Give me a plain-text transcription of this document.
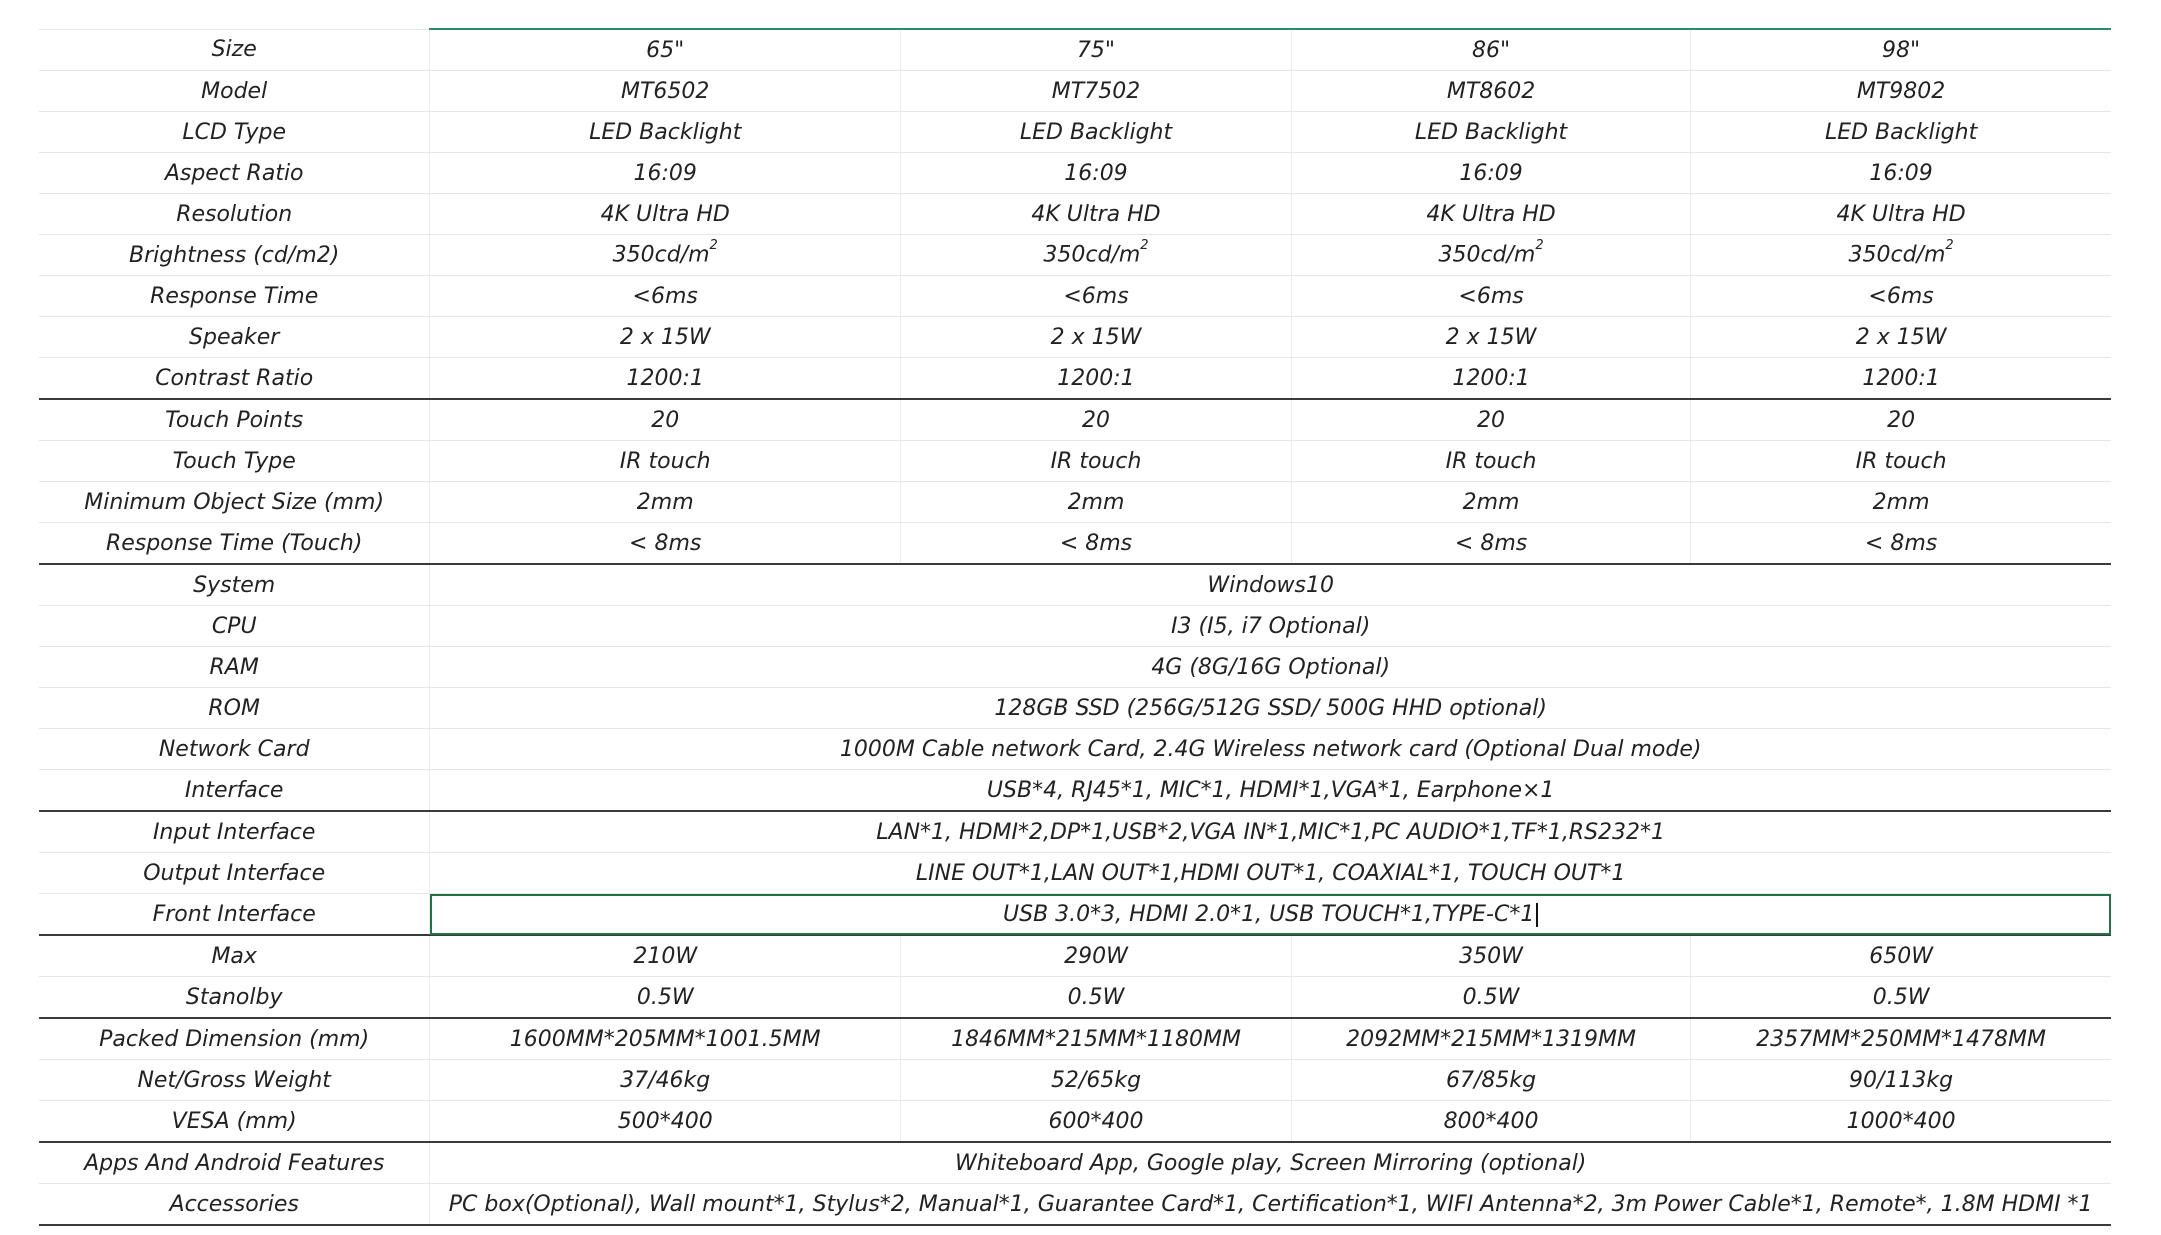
Size	65"	75"	86"	98"
Model	MT6502	MT7502	MT8602	MT9802
LCD Type	LED Backlight	LED Backlight	LED Backlight	LED Backlight
Aspect Ratio	16:09	16:09	16:09	16:09
Resolution	4K Ultra HD	4K Ultra HD	4K Ultra HD	4K Ultra HD
Brightness (cd/m2)	$350cd/m^2$	$350cd/m^2$	$350cd/m^2$	$350cd/m^2$
Response Time	<6ms	<6ms	<6ms	<6ms
Speaker	2 x 15W	2 x 15W	2 x 15W	2 x 15W
Contrast Ratio	1200:1	1200:1	1200:1	1200:1
Touch Points	20	20	20	20
Touch Type	IR touch	IR touch	IR touch	IR touch
Minimum Object Size (mm)	2mm	2mm	2mm	2mm
Response Time (Touch)	< 8ms	< 8ms	< 8ms	< 8ms
System	Windows10			
CPU	I3 (I5, i7 Optional)			
RAM	4G (8G/16G Optional)			
ROM	128GB SSD (256G/512G SSD/ 500G HHD optional)			
Network Card	1000M Cable network Card, 2.4G Wireless network card (Optional Dual mode)			
Interface	USB*4, RJ45*1, MIC*1, HDMI*1,VGA*1, Earphone×1			
Input Interface	LAN*1, HDMI*2,DP*1,USB*2,VGA IN*1,MIC*1,PC AUDIO*1,TF*1,RS232*1			
Output Interface	LINE OUT*1,LAN OUT*1,HDMI OUT*1, COAXIAL*1, TOUCH OUT*1			
Front Interface	USB 3.0*3, HDMI 2.0*1, USB TOUCH*1,TYPE-C*1			
Max	210W	290W	350W	650W
Stanolby	0.5W	0.5W	0.5W	0.5W
Packed Dimension (mm)	1600MM*205MM*1001.5MM	1846MM*215MM*1180MM	2092MM*215MM*1319MM	2357MM*250MM*1478MM
Net/Gross Weight	37/46kg	52/65kg	67/85kg	90/113kg
VESA (mm)	500*400	600*400	800*400	1000*400
Apps And Android Features	Whiteboard App, Google play, Screen Mirroring (optional)			
Accessories	PC box(Optional), Wall mount*1, Stylus*2, Manual*1, Guarantee Card*1, Certification*1, WIFI Antenna*2, 3m Power Cable*1, Remote*, 1.8M HDMI *1			
